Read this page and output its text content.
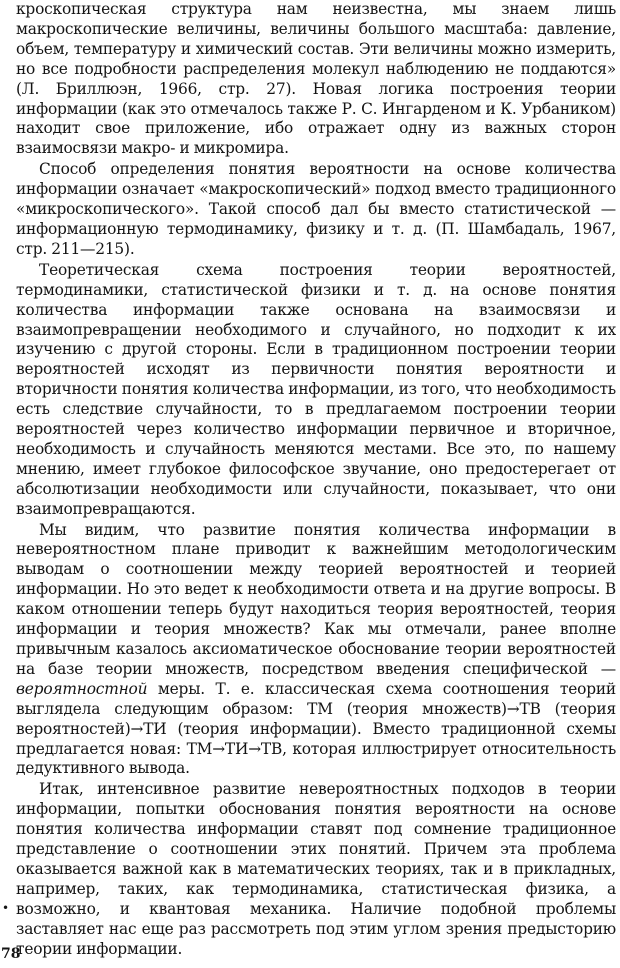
кроскопическая структура нам неизвестна, мы знаем лишь макроскопические величины, величины большого масштаба: давление, объем, температуру и химический состав. Эти величины можно измерить, но все подробности распределения молекул наблюдению не поддаются» (Л. Бриллюэн, 1966, стр. 27). Новая логика построения теории информации (как это отмечалось также Р. С. Ингарденом и К. Урбаником) находит свое приложение, ибо отражает одну из важных сторон взаимосвязи макро- и микромира.

Способ определения понятия вероятности на основе количества информации означает «макроскопический» подход вместо традиционного «микроскопического». Такой способ дал бы вместо статистической — информационную термодинамику, физику и т. д. (П. Шамбадаль, 1967, стр. 211—215).

Теоретическая схема построения теории вероятностей, термодинамики, статистической физики и т. д. на основе понятия количества информации также основана на взаимосвязи и взаимопревращении необходимого и случайного, но подходит к их изучению с другой стороны. Если в традиционном построении теории вероятностей исходят из первичности понятия вероятности и вторичности понятия количества информации, из того, что необходимость есть следствие случайности, то в предлагаемом построении теории вероятностей через количество информации первичное и вторичное, необходимость и случайность меняются местами. Все это, по нашему мнению, имеет глубокое философское звучание, оно предостерегает от абсолютизации необходимости или случайности, показывает, что они взаимопревращаются.

Мы видим, что развитие понятия количества информации в невероятностном плане приводит к важнейшим методологическим выводам о соотношении между теорией вероятностей и теорией информации. Но это ведет к необходимости ответа и на другие вопросы. В каком отношении теперь будут находиться теория вероятностей, теория информации и теория множеств? Как мы отмечали, ранее вполне привычным казалось аксиоматическое обоснование теории вероятностей на базе теории множеств, посредством введения специфической — вероятностной меры. Т. е. классическая схема соотношения теорий выглядела следующим образом: ТМ (теория множеств)→ТВ (теория вероятностей)→ТИ (теория информации). Вместо традиционной схемы предлагается новая: ТМ→ТИ→ТВ, которая иллюстрирует относительность дедуктивного вывода.

Итак, интенсивное развитие невероятностных подходов в теории информации, попытки обоснования понятия вероятности на основе понятия количества информации ставят под сомнение традиционное представление о соотношении этих понятий. Причем эта проблема оказывается важной как в математических теориях, так и в прикладных, например, таких, как термодинамика, статистическая физика, а возможно, и квантовая механика. Наличие подобной проблемы заставляет нас еще раз рассмотреть под этим углом зрения предысторию теории информации.

•
78
